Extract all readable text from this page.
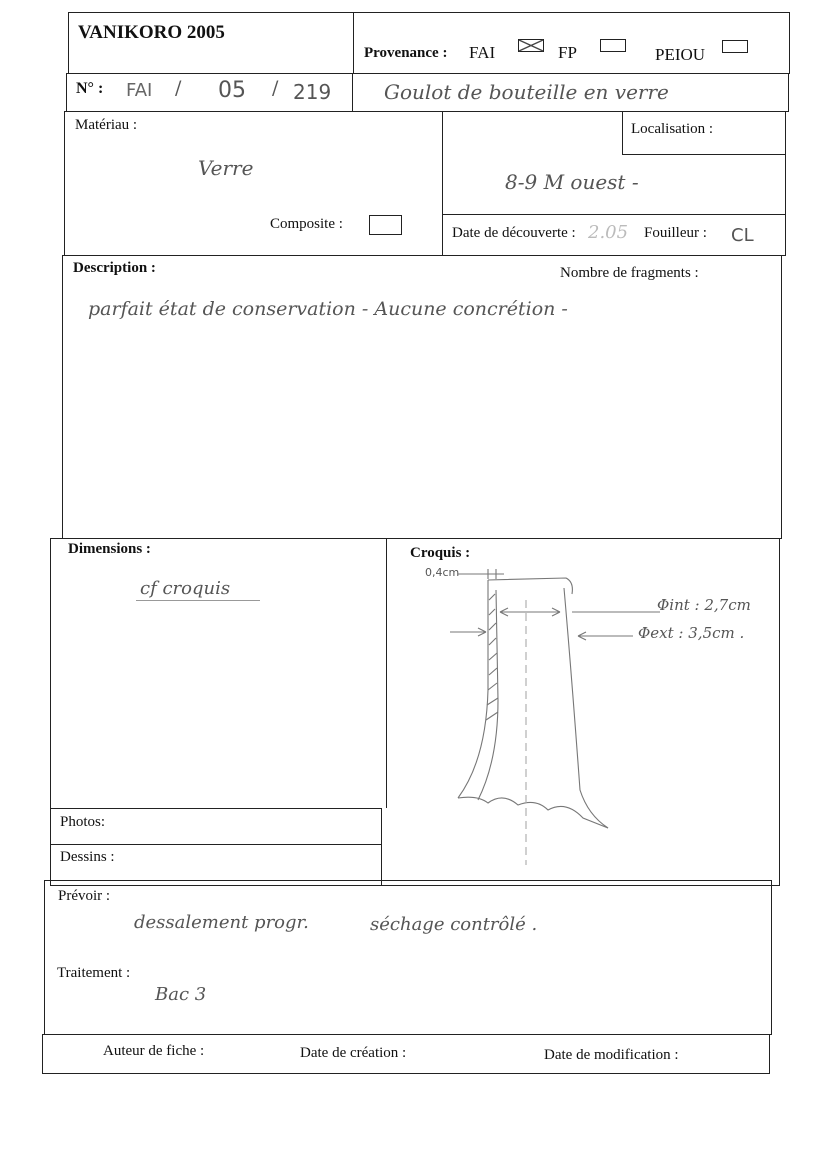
VANIKORO 2005
Provenance : FAI	FP	PEIOU
N° : FAI / 05 / 219	Goulot de bouteille en verre
Matériau :
Verre
Composite :
Localisation :
8-9 M ouest -
Date de découverte : 2.05 Fouilleur : CL
Description :	Nombre de fragments :
parfait état de conservation - Aucune concrétion -
Dimensions :
cf croquis
Croquis :
0,4cm
Φint : 2,7cm
Φext : 3,5cm .
Photos:
Dessins :
Prévoir :
dessalement progr.	séchage contrôlé .
Traitement :
Bac 3
Auteur de fiche :	Date de création :	Date de modification :
